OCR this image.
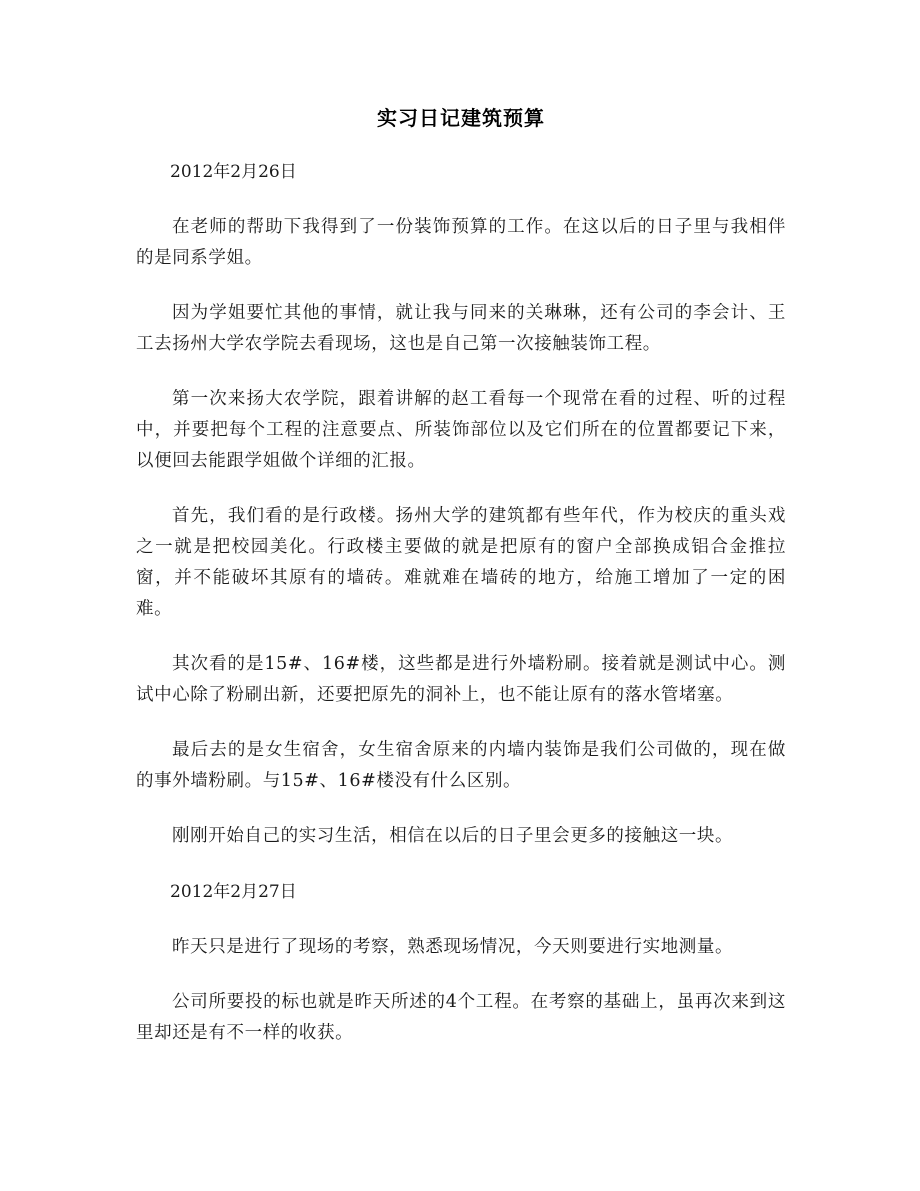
实习日记建筑预算

2012年2月26日

在老师的帮助下我得到了一份装饰预算的工作。在这以后的日子里与我相伴的是同系学姐。

因为学姐要忙其他的事情，就让我与同来的关琳琳，还有公司的李会计、王工去扬州大学农学院去看现场，这也是自己第一次接触装饰工程。

第一次来扬大农学院，跟着讲解的赵工看每一个现常在看的过程、听的过程中，并要把每个工程的注意要点、所装饰部位以及它们所在的位置都要记下来，以便回去能跟学姐做个详细的汇报。

首先，我们看的是行政楼。扬州大学的建筑都有些年代，作为校庆的重头戏之一就是把校园美化。行政楼主要做的就是把原有的窗户全部换成铝合金推拉窗，并不能破坏其原有的墙砖。难就难在墙砖的地方，给施工增加了一定的困难。

其次看的是15#、16#楼，这些都是进行外墙粉刷。接着就是测试中心。测试中心除了粉刷出新，还要把原先的洞补上，也不能让原有的落水管堵塞。

最后去的是女生宿舍，女生宿舍原来的内墙内装饰是我们公司做的，现在做的事外墙粉刷。与15#、16#楼没有什么区别。

刚刚开始自己的实习生活，相信在以后的日子里会更多的接触这一块。

2012年2月27日

昨天只是进行了现场的考察，熟悉现场情况，今天则要进行实地测量。

公司所要投的标也就是昨天所述的4个工程。在考察的基础上，虽再次来到这里却还是有不一样的收获。
